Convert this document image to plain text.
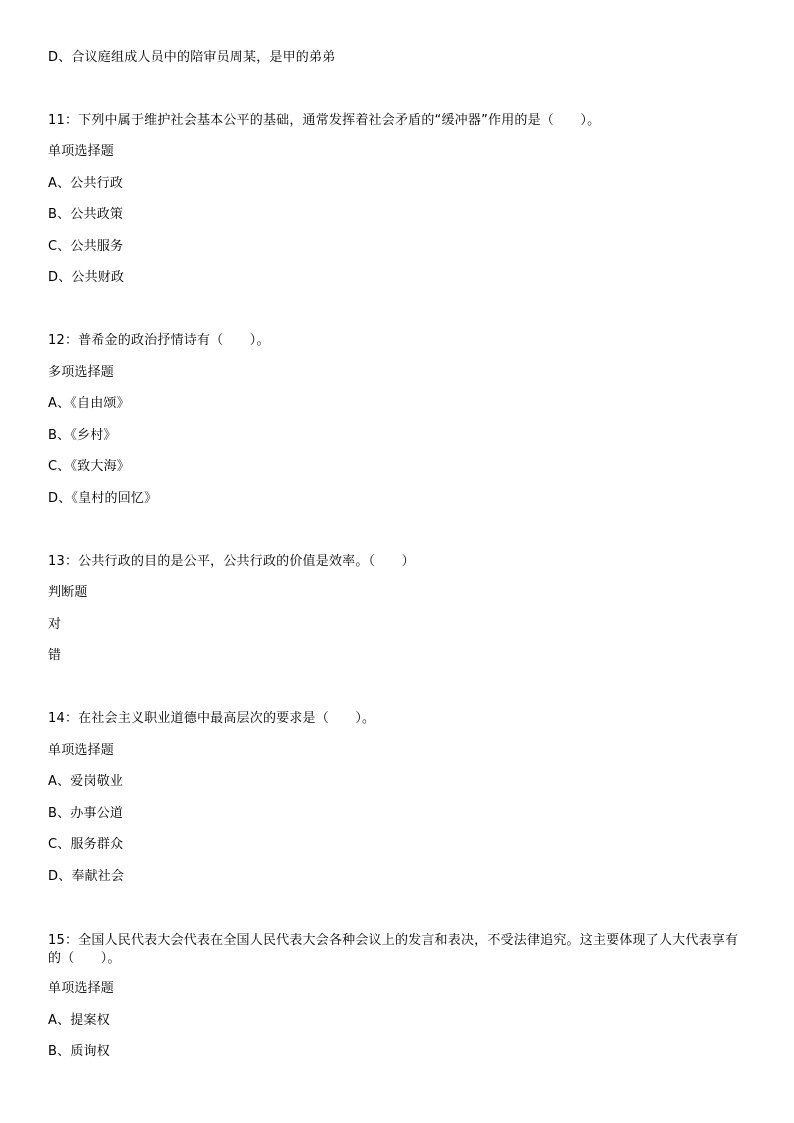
D、合议庭组成人员中的陪审员周某，是甲的弟弟
11：下列中属于维护社会基本公平的基础，通常发挥着社会矛盾的“缓冲器”作用的是（　　）。
单项选择题
A、公共行政
B、公共政策
C、公共服务
D、公共财政
12：普希金的政治抒情诗有（　　）。
多项选择题
A、《自由颂》
B、《乡村》
C、《致大海》
D、《皇村的回忆》
13：公共行政的目的是公平，公共行政的价值是效率。（　　）
判断题
对
错
14：在社会主义职业道德中最高层次的要求是（　　）。
单项选择题
A、爱岗敬业
B、办事公道
C、服务群众
D、奉献社会
15：全国人民代表大会代表在全国人民代表大会各种会议上的发言和表决，不受法律追究。这主要体现了人大代表享有的（　　）。
单项选择题
A、提案权
B、质询权
